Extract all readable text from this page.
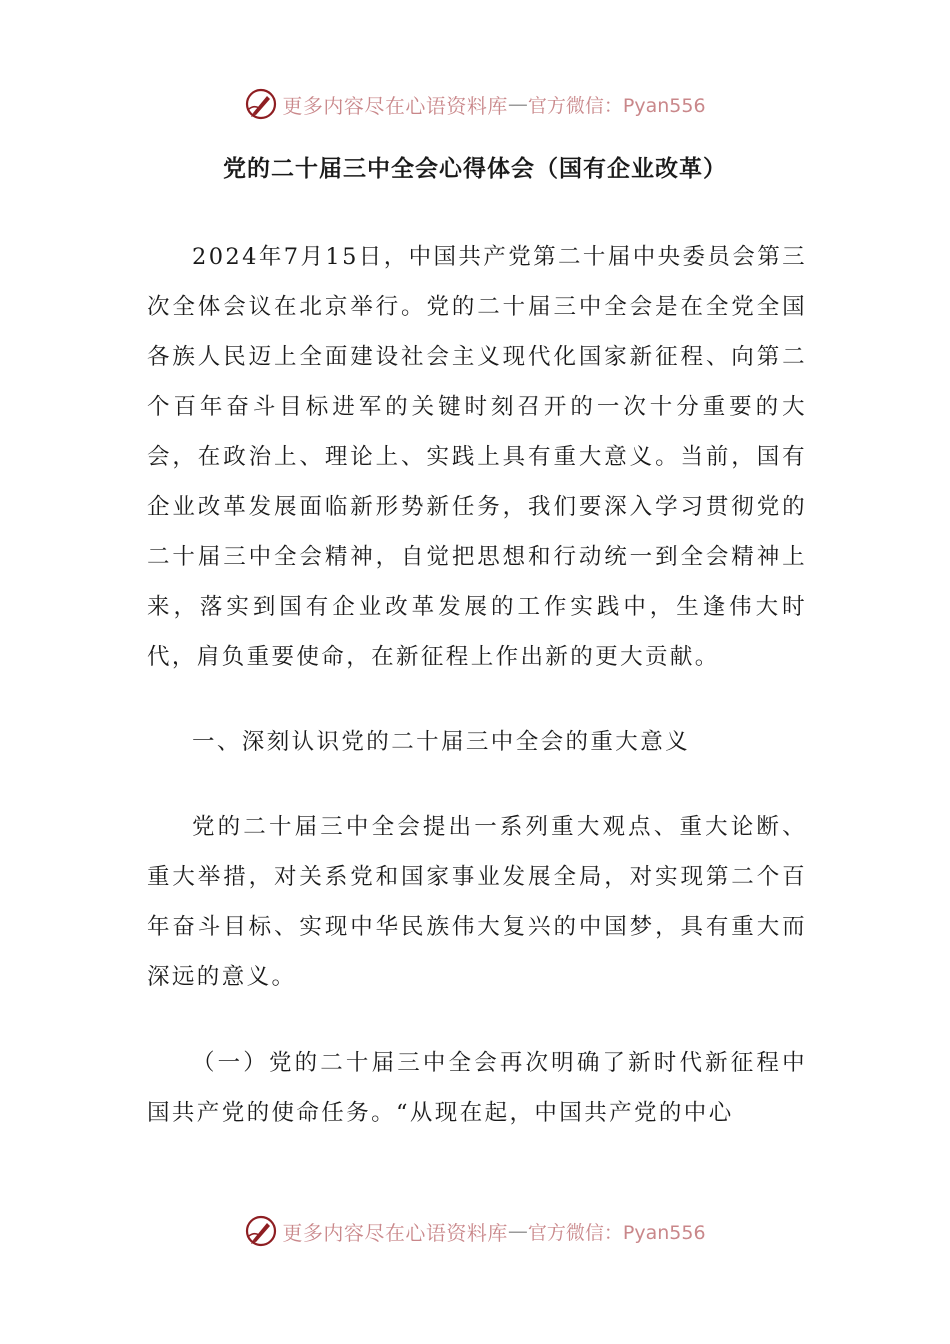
更多内容尽在心语资料库 — 官方微信：Pyan556
党的二十届三中全会心得体会（国有企业改革）

2024年7月15日，中国共产党第二十届中央委员会第三次全体会议在北京举行。党的二十届三中全会是在全党全国各族人民迈上全面建设社会主义现代化国家新征程、向第二个百年奋斗目标进军的关键时刻召开的一次十分重要的大会，在政治上、理论上、实践上具有重大意义。当前，国有企业改革发展面临新形势新任务，我们要深入学习贯彻党的二十届三中全会精神，自觉把思想和行动统一到全会精神上来，落实到国有企业改革发展的工作实践中，生逢伟大时代，肩负重要使命，在新征程上作出新的更大贡献。

一、深刻认识党的二十届三中全会的重大意义

党的二十届三中全会提出一系列重大观点、重大论断、重大举措，对关系党和国家事业发展全局，对实现第二个百年奋斗目标、实现中华民族伟大复兴的中国梦，具有重大而深远的意义。

（一）党的二十届三中全会再次明确了新时代新征程中国共产党的使命任务。“从现在起，中国共产党的中心

更多内容尽在心语资料库 — 官方微信：Pyan556
